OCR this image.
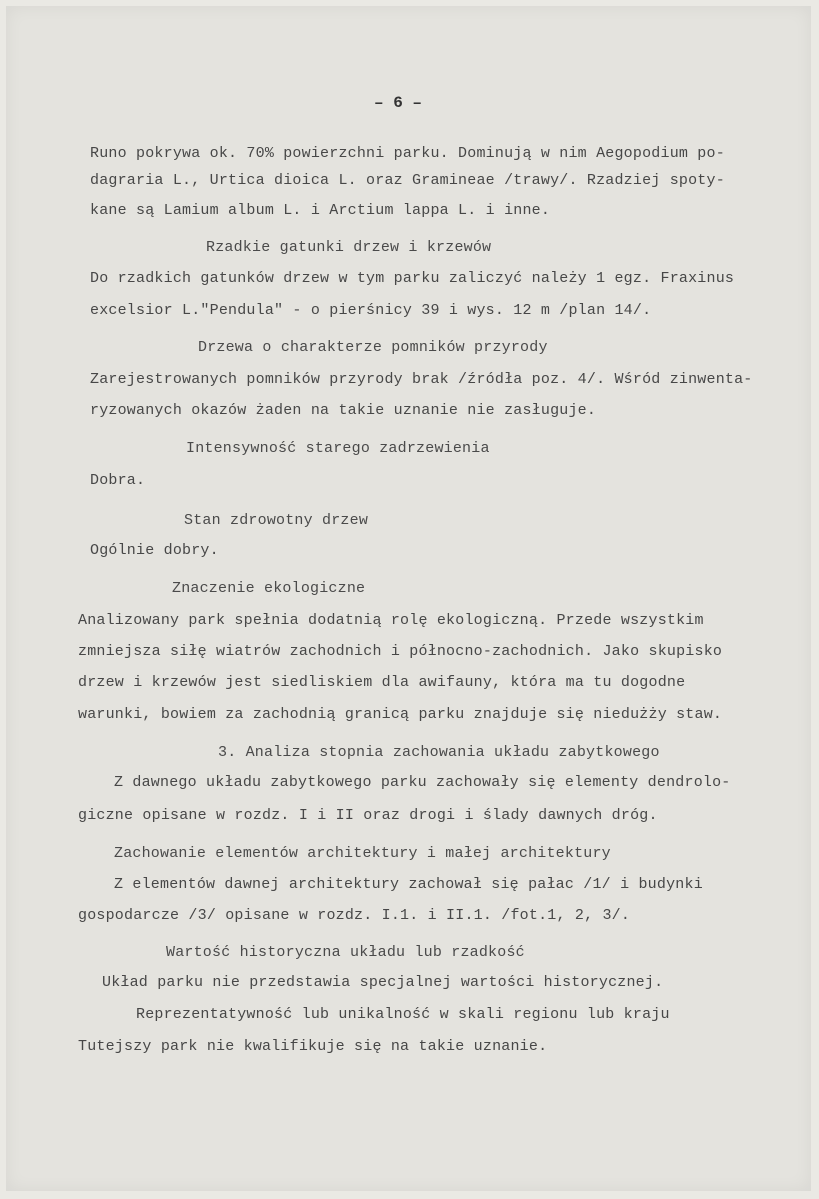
– 6 –
Runo pokrywa ok. 70% powierzchni parku. Dominują w nim Aegopodium po-
dagraria L., Urtica dioica L. oraz Gramineae /trawy/. Rzadziej spoty-
kane są Lamium album L. i Arctium lappa L. i inne.
Rzadkie gatunki drzew i krzewów
Do rzadkich gatunków drzew w tym parku zaliczyć należy 1 egz. Fraxinus
excelsior L."Pendula" - o pierśnicy 39 i wys. 12 m /plan 14/.
Drzewa o charakterze pomników przyrody
Zarejestrowanych pomników przyrody brak /źródła poz. 4/. Wśród zinwenta-
ryzowanych okazów żaden na takie uznanie nie zasługuje.
Intensywność starego zadrzewienia
Dobra.
Stan zdrowotny drzew
Ogólnie dobry.
Znaczenie ekologiczne
Analizowany park spełnia dodatnią rolę ekologiczną. Przede wszystkim
zmniejsza siłę wiatrów zachodnich i północno-zachodnich. Jako skupisko
drzew i krzewów jest siedliskiem dla awifauny, która ma tu dogodne
warunki, bowiem za zachodnią granicą parku znajduje się niedużży staw.
3. Analiza stopnia zachowania układu zabytkowego
Z dawnego układu zabytkowego parku zachowały się elementy dendrolo-
giczne opisane w rozdz. I i II oraz drogi i ślady dawnych dróg.
Zachowanie elementów architektury i małej architektury
Z elementów dawnej architektury zachował się pałac /1/ i budynki
gospodarcze /3/ opisane w rozdz. I.1. i II.1. /fot.1, 2, 3/.
Wartość historyczna układu lub rzadkość
Układ parku nie przedstawia specjalnej wartości historycznej.
Reprezentatywność lub unikalność w skali regionu lub kraju
Tutejszy park nie kwalifikuje się na takie uznanie.
